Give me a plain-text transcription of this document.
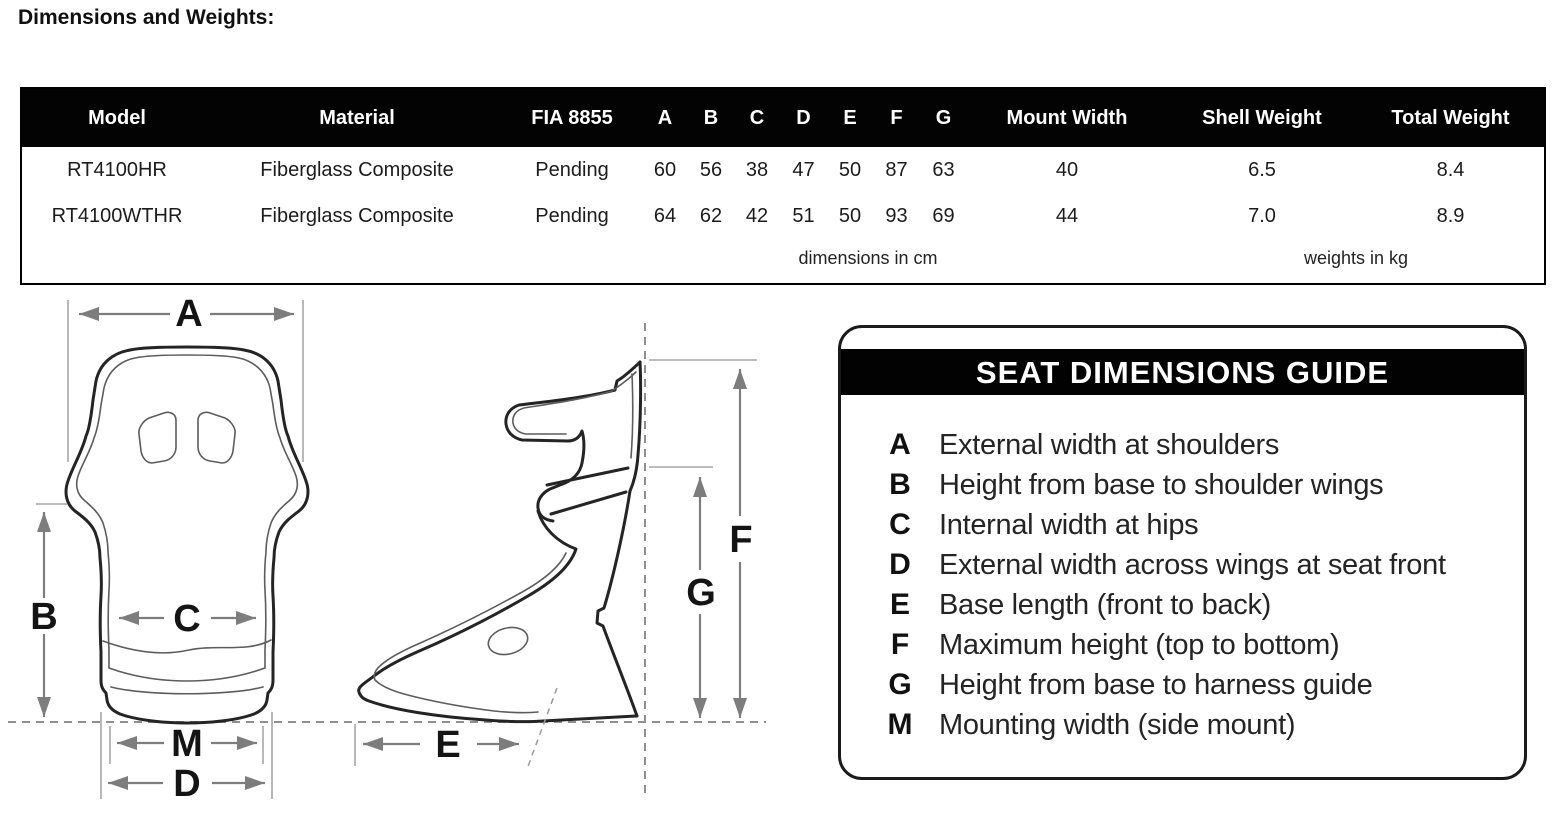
Dimensions and Weights:
Model	Material	FIA 8855	A	B	C	D	E	F	G	Mount Width	Shell Weight	Total Weight
RT4100HR	Fiberglass Composite	Pending	60	56	38	47	50	87	63	40	6.5	8.4
RT4100WTHR	Fiberglass Composite	Pending	64	62	42	51	50	93	69	44	7.0	8.9
dimensions in cm	weights in kg
A
B	C
M
D
E
F
G
SEAT DIMENSIONS GUIDE
A External width at shoulders
B Height from base to shoulder wings
C Internal width at hips
D External width across wings at seat front
E	Base length (front to back)
F	Maximum height (top to bottom)
G Height from base to harness guide
M Mounting width (side mount)
